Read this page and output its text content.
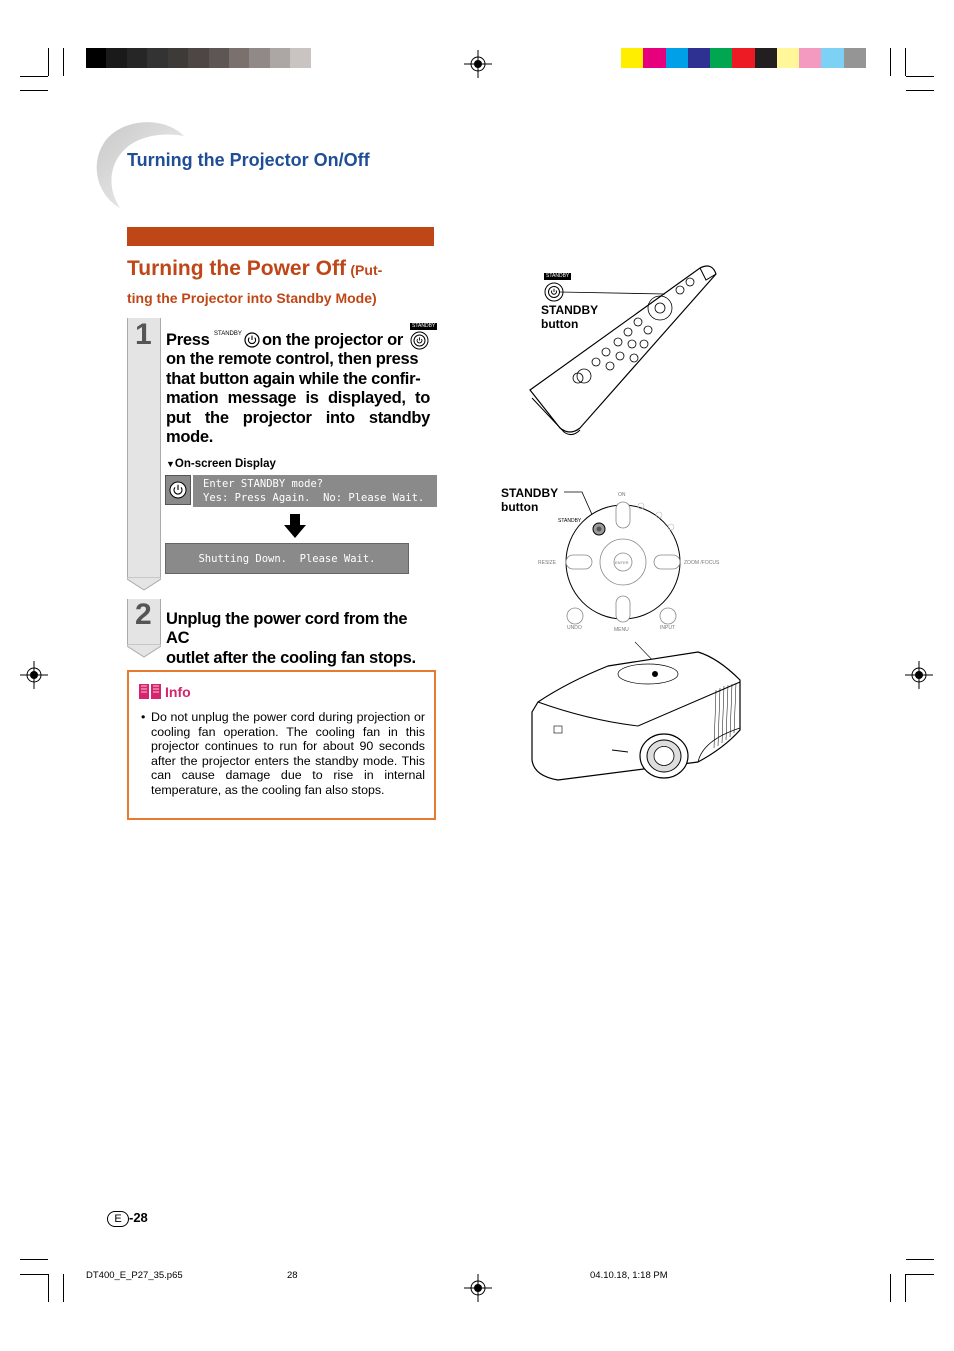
Turning the Projector On/Off
Turning the Power Off (Put-
ting the Projector into Standby Mode)
1 Press STANDBY on the projector or
STANDBY
on the remote control, then press
that button again while the confir-
mation message is displayed, to
put the projector into standby
mode.
▼On-screen Display
Enter STANDBY mode?
Yes: Press Again.  No: Please Wait.
Shutting Down.  Please Wait.
2 Unplug the power cord from the AC
outlet after the cooling fan stops.
Info
• Do not unplug the power cord during projection or cooling fan operation. The cooling fan in this projector continues to run for about 90 seconds after the projector enters the standby mode. This can cause damage due to rise in internal temperature, as the cooling fan also stops.
STANDBY
STANDBY
button
STANDBY
button
ON
STANDBY
RESIZE	ZOOM /FOCUS
ENTER
UNDO	MENU	INPUT
E -28
DT400_E_P27_35.p65	28	04.10.18, 1:18 PM
